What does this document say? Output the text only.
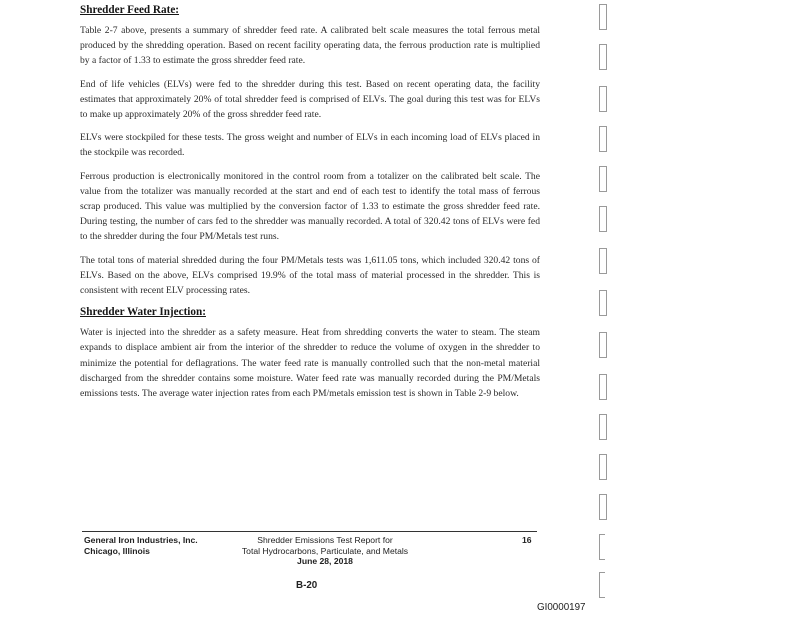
Shredder Feed Rate:

Table 2-7 above, presents a summary of shredder feed rate. A calibrated belt scale measures the total ferrous metal produced by the shredding operation. Based on recent facility operating data, the ferrous production rate is multiplied by a factor of 1.33 to estimate the gross shredder feed rate.

End of life vehicles (ELVs) were fed to the shredder during this test. Based on recent operating data, the facility estimates that approximately 20% of total shredder feed is comprised of ELVs. The goal during this test was for ELVs to make up approximately 20% of the gross shredder feed rate.

ELVs were stockpiled for these tests. The gross weight and number of ELVs in each incoming load of ELVs placed in the stockpile was recorded.

Ferrous production is electronically monitored in the control room from a totalizer on the calibrated belt scale. The value from the totalizer was manually recorded at the start and end of each test to identify the total mass of ferrous scrap produced. This value was multiplied by the conversion factor of 1.33 to estimate the gross shredder feed rate. During testing, the number of cars fed to the shredder was manually recorded. A total of 320.42 tons of ELVs were fed to the shredder during the four PM/Metals test runs.

The total tons of material shredded during the four PM/Metals tests was 1,611.05 tons, which included 320.42 tons of ELVs. Based on the above, ELVs comprised 19.9% of the total mass of material processed in the shredder. This is consistent with recent ELV processing rates.

Shredder Water Injection:

Water is injected into the shredder as a safety measure. Heat from shredding converts the water to steam. The steam expands to displace ambient air from the interior of the shredder to reduce the volume of oxygen in the shredder to minimize the potential for deflagrations. The water feed rate is manually controlled such that the non-metal material discharged from the shredder contains some moisture. Water feed rate was manually recorded during the PM/Metals emissions tests. The average water injection rates from each PM/metals emission test is shown in Table 2-9 below.

General Iron Industries, Inc.
Chicago, Illinois
Shredder Emissions Test Report for
Total Hydrocarbons, Particulate, and Metals
June 28, 2018
16
B-20
GI0000197
